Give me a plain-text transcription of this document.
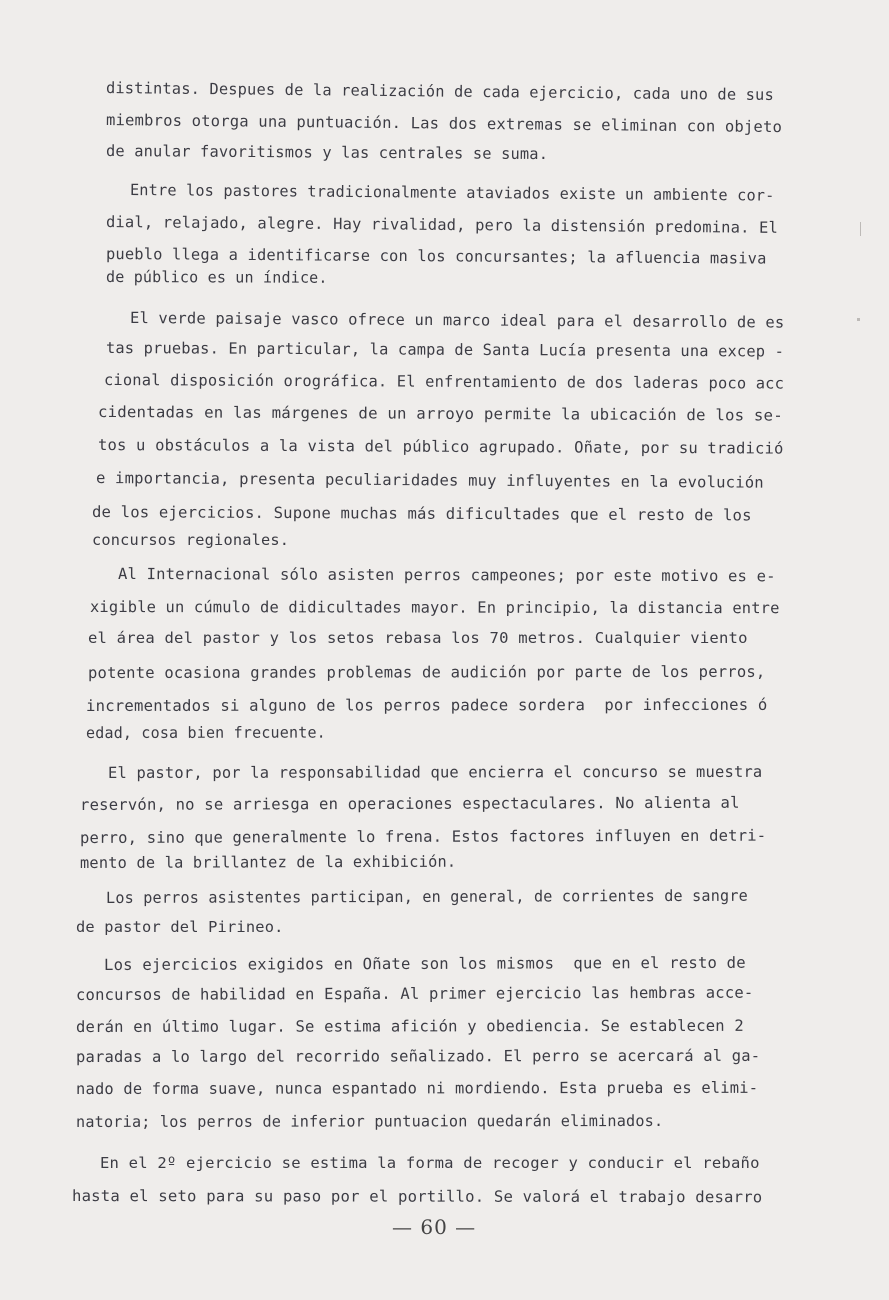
distintas. Despues de la realización de cada ejercicio, cada uno de sus
miembros otorga una puntuación. Las dos extremas se eliminan con objeto
de anular favoritismos y las centrales se suma.
Entre los pastores tradicionalmente ataviados existe un ambiente cor-
dial, relajado, alegre. Hay rivalidad, pero la distensión predomina. El
pueblo llega a identificarse con los concursantes; la afluencia masiva
de público es un índice.
El verde paisaje vasco ofrece un marco ideal para el desarrollo de es
tas pruebas. En particular, la campa de Santa Lucía presenta una excep -
cional disposición orográfica. El enfrentamiento de dos laderas poco acc
cidentadas en las márgenes de un arroyo permite la ubicación de los se-
tos u obstáculos a la vista del público agrupado. Oñate, por su tradició
e importancia, presenta peculiaridades muy influyentes en la evolución
de los ejercicios. Supone muchas más dificultades que el resto de los
concursos regionales.
Al Internacional sólo asisten perros campeones; por este motivo es e-
xigible un cúmulo de didicultades mayor. En principio, la distancia entre
el área del pastor y los setos rebasa los 70 metros. Cualquier viento
potente ocasiona grandes problemas de audición por parte de los perros,
incrementados si alguno de los perros padece sordera  por infecciones ó
edad, cosa bien frecuente.
El pastor, por la responsabilidad que encierra el concurso se muestra
reservón, no se arriesga en operaciones espectaculares. No alienta al
perro, sino que generalmente lo frena. Estos factores influyen en detri-
mento de la brillantez de la exhibición.
Los perros asistentes participan, en general, de corrientes de sangre
de pastor del Pirineo.
Los ejercicios exigidos en Oñate son los mismos  que en el resto de
concursos de habilidad en España. Al primer ejercicio las hembras acce-
derán en último lugar. Se estima afición y obediencia. Se establecen 2
paradas a lo largo del recorrido señalizado. El perro se acercará al ga-
nado de forma suave, nunca espantado ni mordiendo. Esta prueba es elimi-
natoria; los perros de inferior puntuacion quedarán eliminados.
En el 2º ejercicio se estima la forma de recoger y conducir el rebaño
hasta el seto para su paso por el portillo. Se valorá el trabajo desarro
— 60 —
